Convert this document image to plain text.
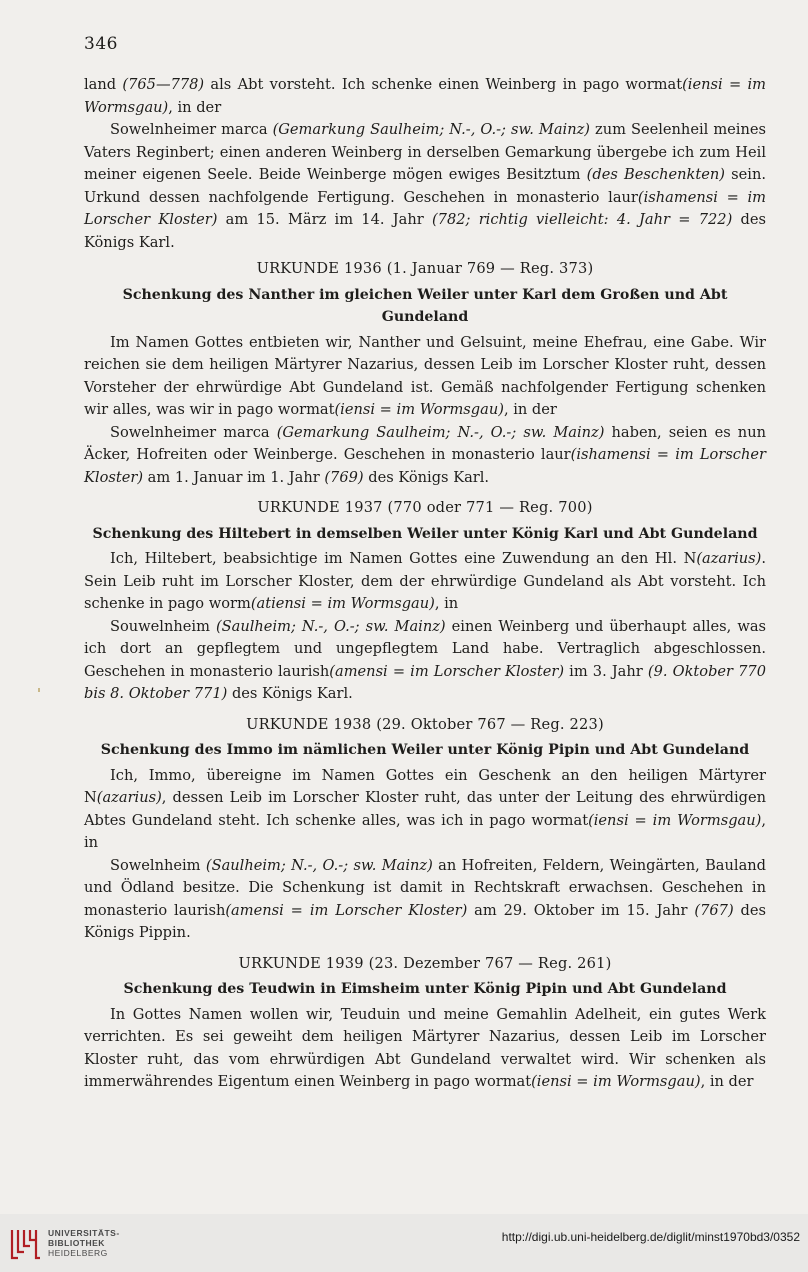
346

land (765—778) als Abt vorsteht. Ich schenke einen Weinberg in pago wormat(iensi = im Wormsgau), in der

Sowelnheimer marca (Gemarkung Saulheim; N.-, O.-; sw. Mainz) zum Seelenheil meines Vaters Reginbert; einen anderen Weinberg in derselben Gemarkung übergebe ich zum Heil meiner eigenen Seele. Beide Weinberge mögen ewiges Besitztum (des Beschenkten) sein. Urkund dessen nachfolgende Fertigung. Geschehen in monasterio laur(ishamensi = im Lorscher Kloster) am 15. März im 14. Jahr (782; richtig vielleicht: 4. Jahr = 722) des Königs Karl.

URKUNDE 1936 (1. Januar 769 — Reg. 373)
Schenkung des Nanther im gleichen Weiler unter Karl dem Großen und Abt Gundeland

Im Namen Gottes entbieten wir, Nanther und Gelsuint, meine Ehefrau, eine Gabe. Wir reichen sie dem heiligen Märtyrer Nazarius, dessen Leib im Lorscher Kloster ruht, dessen Vorsteher der ehrwürdige Abt Gundeland ist. Gemäß nachfolgender Fertigung schenken wir alles, was wir in pago wormat(iensi = im Wormsgau), in der

Sowelnheimer marca (Gemarkung Saulheim; N.-, O.-; sw. Mainz) haben, seien es nun Äcker, Hofreiten oder Weinberge. Geschehen in monasterio laur(ishamensi = im Lorscher Kloster) am 1. Januar im 1. Jahr (769) des Königs Karl.

URKUNDE 1937 (770 oder 771 — Reg. 700)
Schenkung des Hiltebert in demselben Weiler unter König Karl und Abt Gundeland

Ich, Hiltebert, beabsichtige im Namen Gottes eine Zuwendung an den Hl. N(azarius). Sein Leib ruht im Lorscher Kloster, dem der ehrwürdige Gundeland als Abt vorsteht. Ich schenke in pago worm(atiensi = im Wormsgau), in

Souwelnheim (Saulheim; N.-, O.-; sw. Mainz) einen Weinberg und überhaupt alles, was ich dort an gepflegtem und ungepflegtem Land habe. Vertraglich abgeschlossen. Geschehen in monasterio laurish(amensi = im Lorscher Kloster) im 3. Jahr (9. Oktober 770 bis 8. Oktober 771) des Königs Karl.

URKUNDE 1938 (29. Oktober 767 — Reg. 223)
Schenkung des Immo im nämlichen Weiler unter König Pipin und Abt Gundeland

Ich, Immo, übereigne im Namen Gottes ein Geschenk an den heiligen Märtyrer N(azarius), dessen Leib im Lorscher Kloster ruht, das unter der Leitung des ehrwürdigen Abtes Gundeland steht. Ich schenke alles, was ich in pago wormat(iensi = im Wormsgau), in

Sowelnheim (Saulheim; N.-, O.-; sw. Mainz) an Hofreiten, Feldern, Weingärten, Bauland und Ödland besitze. Die Schenkung ist damit in Rechtskraft erwachsen. Geschehen in monasterio laurish(amensi = im Lorscher Kloster) am 29. Oktober im 15. Jahr (767) des Königs Pippin.

URKUNDE 1939 (23. Dezember 767 — Reg. 261)
Schenkung des Teudwin in Eimsheim unter König Pipin und Abt Gundeland

In Gottes Namen wollen wir, Teuduin und meine Gemahlin Adelheit, ein gutes Werk verrichten. Es sei geweiht dem heiligen Märtyrer Nazarius, dessen Leib im Lorscher Kloster ruht, das vom ehrwürdigen Abt Gundeland verwaltet wird. Wir schenken als immerwährendes Eigentum einen Weinberg in pago wormat(iensi = im Wormsgau), in der

UNIVERSITÄTS-
BIBLIOTHEK
HEIDELBERG
http://digi.ub.uni-heidelberg.de/diglit/minst1970bd3/0352
